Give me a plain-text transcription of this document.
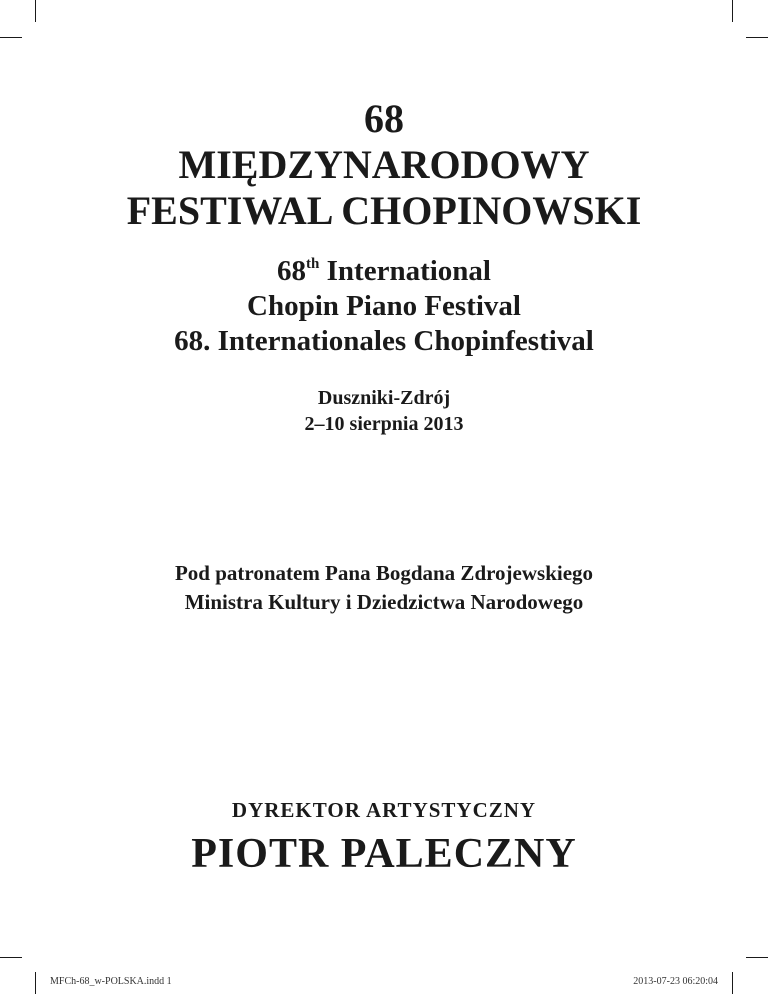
68
MIĘDZYNARODOWY
FESTIWAL CHOPINOWSKI
68th International
Chopin Piano Festival
68. Internationales Chopinfestival
Duszniki-Zdrój
2–10 sierpnia 2013
Pod patronatem Pana Bogdana Zdrojewskiego
Ministra Kultury i Dziedzictwa Narodowego
DYREKTOR ARTYSTYCZNY
PIOTR PALECZNY
MFCh-68_w-POLSKA.indd 1	2013-07-23 06:20:04
